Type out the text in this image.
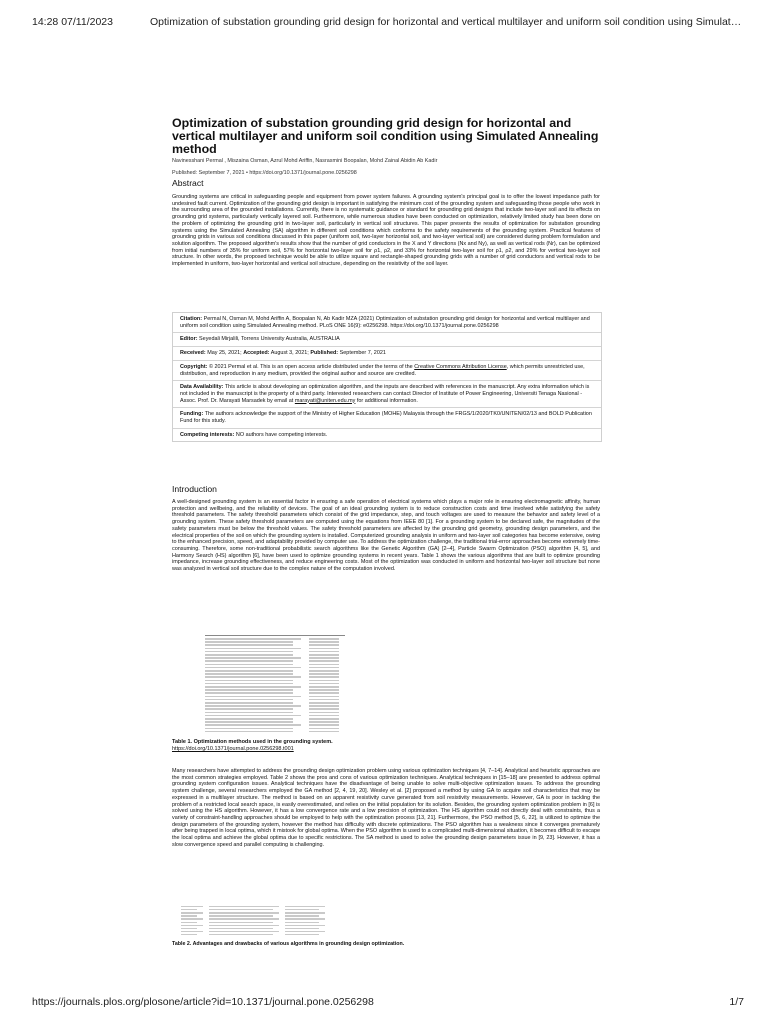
14:28 07/11/2023	Optimization of substation grounding grid design for horizontal and vertical multilayer and uniform soil condition using Simulat…
Optimization of substation grounding grid design for horizontal and vertical multilayer and uniform soil condition using Simulated Annealing method
Navinesshani Permal , Miszaina Osman, Azrul Mohd Ariffin, Nasrasmini Boopalan, Mohd Zainal Abidin Ab Kadir
Published: September 7, 2021 • https://doi.org/10.1371/journal.pone.0256298
Abstract

Grounding systems are critical in safeguarding people and equipment from power system failures. A grounding system's principal goal is to offer the lowest impedance path for undesired fault current. Optimization of the grounding grid design is important in satisfying the minimum cost of the grounding system and safeguarding those people who work in the surrounding area of the grounded installations. Currently, there is no systematic guidance or standard for grounding grid designs that include two-layer soil and its effects on grounding grid systems, particularly vertically layered soil. Furthermore, while numerous studies have been conducted on optimization, relatively limited study has been done on the problem of optimizing the grounding grid in two-layer soil, particularly in vertical soil structures. This paper presents the results of optimization for substation grounding systems using the Simulated Annealing (SA) algorithm in different soil conditions which conforms to the safety requirements of the grounding system. Practical features of grounding grids in various soil conditions discussed in this paper (uniform soil, two-layer horizontal soil, and two-layer vertical soil) are considered during problem formulation and solution algorithm. The proposed algorithm's results show that the number of grid conductors in the X and Y directions (Nx and Ny), as well as vertical rods (Nr), can be optimized from initial numbers of 35% for uniform soil, 57% for horizontal two-layer soil for ρ1, ρ2, and 33% for horizontal two-layer soil for ρ1, ρ2, and 29% for vertical two-layer soil structure. In other words, the proposed technique would be able to utilize square and rectangle-shaped grounding grids with a number of grid conductors and vertical rods to be implemented in uniform, two-layer horizontal and vertical soil structure, depending on the resistivity of the soil layer.

Citation: Permal N, Osman M, Mohd Ariffin A, Boopalan N, Ab Kadir MZA (2021) Optimization of substation grounding grid design for horizontal and vertical multilayer and uniform soil condition using Simulated Annealing method. PLoS ONE 16(9): e0256298. https://doi.org/10.1371/journal.pone.0256298
Editor: Seyedali Mirjalili, Torrens University Australia, AUSTRALIA
Received: May 25, 2021; Accepted: August 3, 2021; Published: September 7, 2021
Copyright: © 2021 Permal et al. This is an open access article distributed under the terms of the Creative Commons Attribution License, which permits unrestricted use, distribution, and reproduction in any medium, provided the original author and source are credited.
Data Availability: This article is about developing an optimization algorithm, and the inputs are described with references in the manuscript. Any extra information which is not included in the manuscript is the property of a third party. Interested researchers can contact Director of Institute of Power Engineering, Universiti Tenaga Nasional - Assoc. Prof. Dr. Marayati Marsadek by email at marayati@uniten.edu.my for additional information.
Funding: The authors acknowledge the support of the Ministry of Higher Education (MOHE) Malaysia through the FRGS/1/2020/TK0/UNITEN/02/13 and BOLD Publication Fund for this study.
Competing interests: NO authors have competing interests.
Introduction

A well-designed grounding system is an essential factor in ensuring a safe operation of electrical systems which plays a major role in ensuring electromagnetic affinity, human protection and wellbeing, and the reliability of devices. The goal of an ideal grounding system is to reduce construction costs and time involved while satisfying the safety threshold parameters. The safety threshold parameters which consist of the grid impedance, step, and touch voltages are used to measure the behavior and safety level of a grounding system. These safety threshold parameters are computed using the equations from IEEE 80 [1]. For a grounding system to be declared safe, the magnitudes of the safety parameters must be below the threshold values. The safety threshold parameters are affected by the grounding grid geometry, grounding design parameters, and the electrical properties of the soil on which the grounding system is installed. Computerized grounding analysis in uniform and two-layer soil categories has become extensive, owing to the enhanced precision, speed, and adaptability provided by computer use. To address the optimization challenge, the traditional trial-error approaches become extremely time-consuming. Therefore, some non-traditional probabilistic search algorithms like the Genetic Algorithm (GA) [2–4], Particle Swarm Optimization (PSO) algorithm [4, 5], and Harmony Search (HS) algorithm [6], have been used to optimize grounding systems in recent years. Table 1 shows the various algorithms that are built to optimize grounding impedance, increase grounding effectiveness, and reduce engineering costs. Most of the optimization was conducted in uniform and horizontal two-layer soil structure but none was analyzed in vertical soil structure due to the complex nature of the computation involved.

Table 1. Optimization methods used in the grounding system.
https://doi.org/10.1371/journal.pone.0256298.t001

Many researchers have attempted to address the grounding design optimization problem using various optimization techniques [4, 7–14]. Analytical and heuristic approaches are the most common strategies employed. Table 2 shows the pros and cons of various optimization techniques. Analytical techniques in [15–18] are presented to address optimal grounding system configuration issues. Analytical techniques have the disadvantage of being unable to solve multi-objective optimization issues. To address the grounding system challenge, several researchers employed the GA method [2, 4, 19, 20]. Wesley et al. [2] proposed a method by using GA to acquire soil characteristics that may be expressed in a multilayer structure. The method is based on an apparent resistivity curve generated from soil resistivity measurements. However, GA is poor in tackling the problem of a restricted local search space, is easily overestimated, and relies on the initial population for its solution. Besides, the grounding system optimization problem in [6] is solved using the HS algorithm. However, it has a low convergence rate and a low precision of optimization. The HS algorithm could not directly deal with constraints, thus a variety of constraint-handling approaches should be employed to help with the optimization process [13, 21]. Furthermore, the PSO method [5, 6, 22], is utilized to optimize the design parameters of the grounding system, however the method has difficulty with discrete optimizations. The PSO algorithm has a weakness since it converges prematurely after being trapped in local optima, which it mistook for global optima. When the PSO algorithm is used to a complicated multi-dimensional situation, it becomes difficult to escape the local optima and achieve the global optima due to specific restrictions. The SA method is used to solve the grounding design parameters issue in [9, 23]. However, it has a slow convergence speed and parallel computing is challenging.

Table 2. Advantages and drawbacks of various algorithms in grounding design optimization.
https://journals.plos.org/plosone/article?id=10.1371/journal.pone.0256298	1/7
